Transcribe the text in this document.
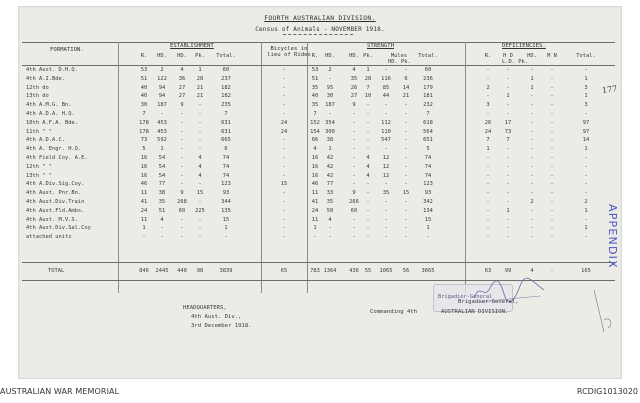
FOURTH AUSTRALIAN DIVISION.
Census of Animals - NOVEMBER 1918.
FORMATION.
ESTABLISHMENT	Bicycles in lieu of Rides
STRENGTH	DEFICIENCIES.
R.	HD.	HD.	Pk.	Total.	R.	HD.	HD. Pk.	Mules	Total.
HD. Pk.
R.	H D	HD.	M N	Total.
L.D. Pk.
4th Aust. D.H.Q.	53	2	4	1	60	-	53	2	4	1	-	-	60	-	-	-	-	-
4th A.I.Bde.	51	122	36	28	237	-	51	-	35	28	116	6	236	-	-	1	-	1
12th do	40	94	27	21	182	-	35	95	26	7	85	14	179	2	-	1	-	3
13th do	40	94	27	21	182	-	40	30	27	10	44	21	181	-	1	-	-	1
4th A.M.G. Bn.	30	187	9	-	235	-	35	187	9	-	-	-	232	3	-	-	-	3
4th A.D.A. H.Q.	7	-	-	-	7	-	7	-	-	-	-	-	7	-	-	-	-	-
10th A.F.A. Bde.	178	453	-	-	631	24	152 354	-	-	112	-	618	26	17	-	-	97
11th " "	178	453	-	-	631	24	154 300	-	-	110	-	564	24	73	-	-	97
4th A.D.A.C.	73	592	-	-	665	-	66	38	-	-	547	-	651	7	7	-	-	14
4th A. Engr. H.Q.	5	1	-	-	6	-	4	1	-	-	-	-	5	1	-	-	-	1
4th Field Coy. A.E.	16	54	-	4	74	-	16	42	-	4	12	-	74	-	-	-	-	-
12th " "	16	54	-	4	74	-	16	42	-	4	12	-	74	-	-	-	-	-
13th " "	16	54	-	4	74	-	16	42	-	4	12	-	74	-	-	-	-	-
4th A.Div.Sig.Coy.	46	77	-	-	123	15	46	77	-	-	-	-	123	-	-	-	-	-
4th Aust. Pnr.Bn.	11	38	9	15	93	-	11	33	9	-	35	15	93	-	-	-	-	-
4th Aust.Div.Train	41	35	268	-	344	-	41	35	266	-	-	-	342	-	-	2	-	2
4th Aust.Fld.Ambs.	24	51	60	225	135	-	24	50	60	-	-	-	134	-	1	-	-	1
4th Aust. M.V.S.	11	4	-	-	15	-	11	4	-	-	-	-	15	-	-	-	-	-
4th Aust.Div.Sal.Coy	1	-	-	-	1	-	1	-	-	-	-	-	1	-	-	-	-	1
attached units	-	-	-	-	-	-	-	-	-	-	-	-	-	-	-	-	-	-
TOTAL	846	2445	440	98	3839	65	783 1364	436	55	1065	56	3665	63	99	4	-	165
HEADQUARTERS,
4th Aust. Div.,
3rd December 1918.
Brigadier-General
Brigadier-General,
Commanding 4th	AUSTRALIAN DIVISION.
177
APPENDIX
AUSTRALIAN WAR MEMORIAL	RCDIG1013020
